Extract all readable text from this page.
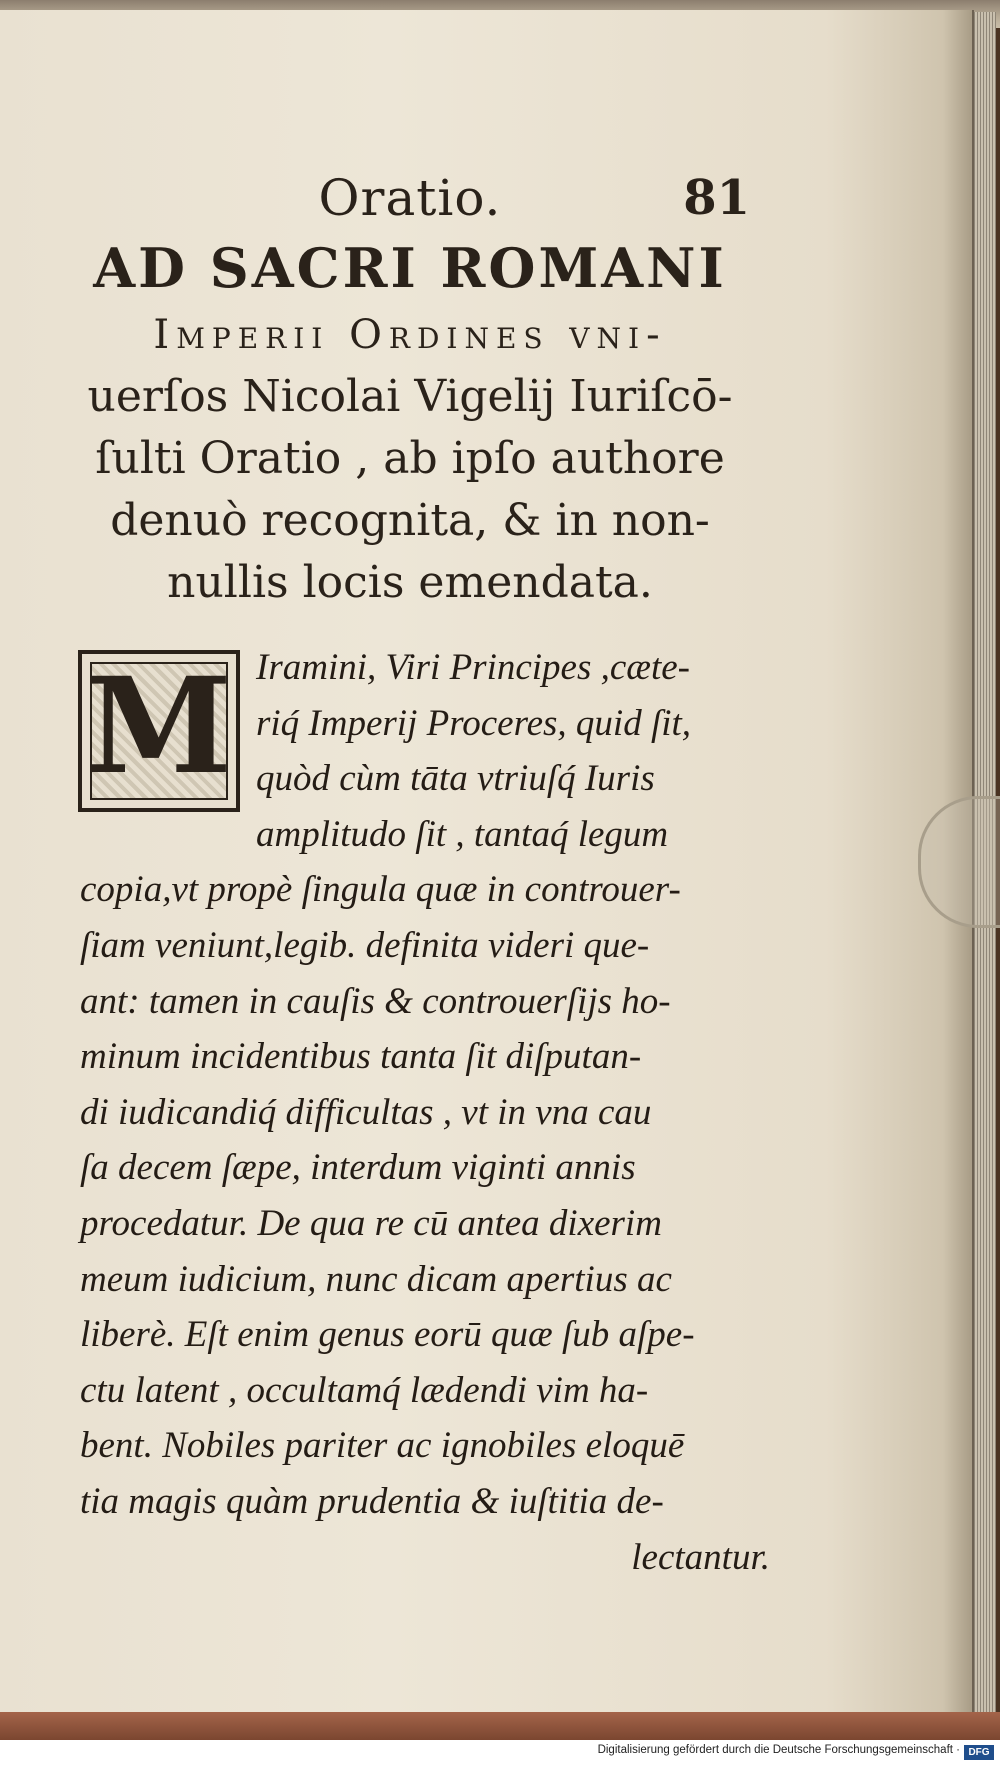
Oratio.	81
AD SACRI ROMANI
Imperii Ordines vni-
uerſos Nicolai Vigelij Iuriſcō-
ſulti Oratio , ab ipſo authore
denuò recognita, & in non-
nullis locis emendata.
M Iramini, Viri Principes ,cæte-
riq́ Imperij Proceres, quid ſit,
quòd cùm tāta vtriuſq́ Iuris
amplitudo ſit , tantaq́ legum
copia,vt propè ſingula quæ in controuer-
ſiam veniunt,legib. definita videri que-
ant: tamen in cauſis & controuerſijs ho-
minum incidentibus tanta ſit diſputan-
di iudicandiq́ difficultas , vt in vna cau
ſa decem ſæpe, interdum viginti annis
procedatur. De qua re cū antea dixerim
meum iudicium, nunc dicam apertius ac
liberè. Eſt enim genus eorū quæ ſub aſpe-
ctu latent , occultamq́ lædendi vim ha-
bent. Nobiles pariter ac ignobiles eloquē
tia magis quàm prudentia & iuſtitia de-
lectantur.
Digitalisierung gefördert durch die Deutsche Forschungsgemeinschaft · DFG
